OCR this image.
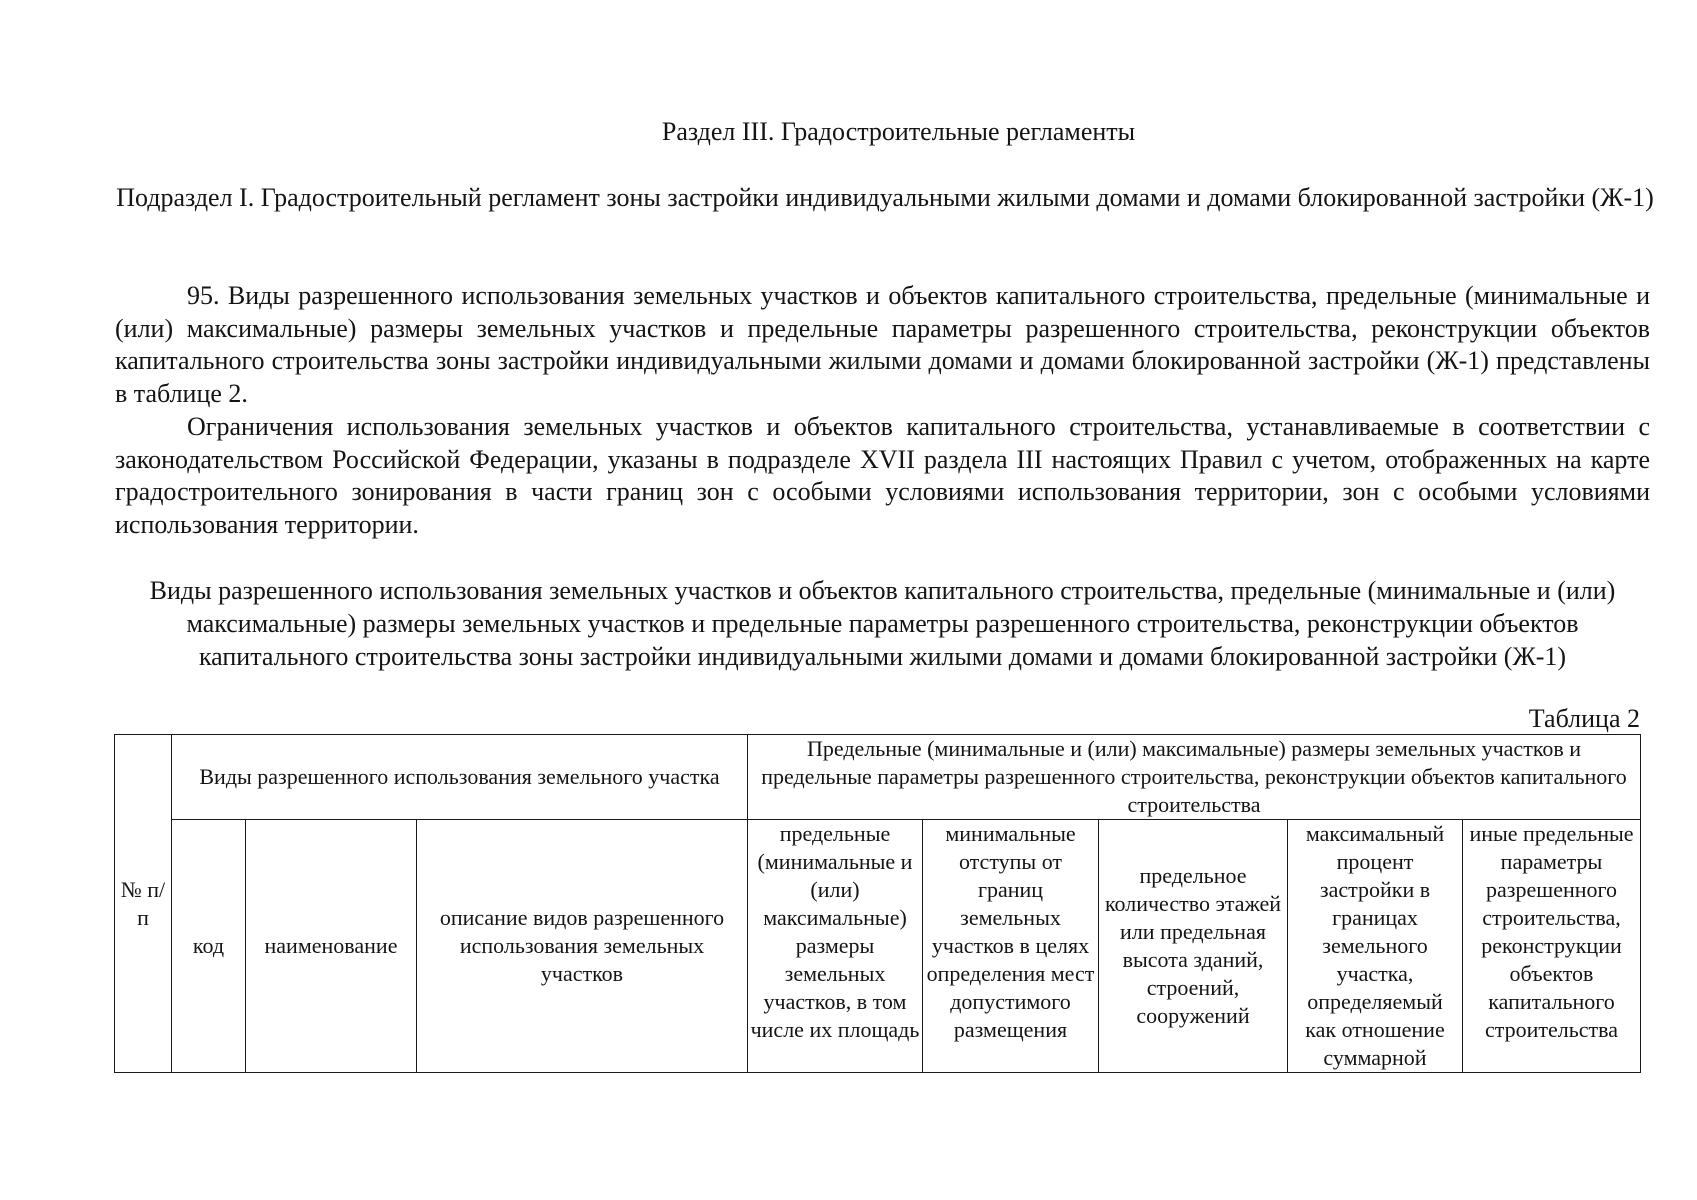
Раздел III. Градостроительные регламенты
Подраздел I. Градостроительный регламент зоны застройки индивидуальными жилыми домами и домами блокированной застройки (Ж-1)

95. Виды разрешенного использования земельных участков и объектов капитального строительства, предельные (минимальные и (или) максимальные) размеры земельных участков и предельные параметры разрешенного строительства, реконструкции объектов капитального строительства зоны застройки индивидуальными жилыми домами и домами блокированной застройки (Ж-1) представлены в таблице 2.

Ограничения использования земельных участков и объектов капитального строительства, устанавливаемые в соответствии с законодательством Российской Федерации, указаны в подразделе XVII раздела III настоящих Правил с учетом, отображенных на карте градостроительного зонирования в части границ зон с особыми условиями использования территории, зон с особыми условиями использования территории.

Виды разрешенного использования земельных участков и объектов капитального строительства, предельные (минимальные и (или) максимальные) размеры земельных участков и предельные параметры разрешенного строительства, реконструкции объектов капитального строительства зоны застройки индивидуальными жилыми домами и домами блокированной застройки (Ж-1)
Таблица 2
№ п/п	Виды разрешенного использования земельного участка			Предельные (минимальные и (или) максимальные) размеры земельных участков и предельные параметры разрешенного строительства, реконструкции объектов капитального строительства				
	код	наименование	описание видов разрешенного использования земельных участков	предельные (минимальные и (или) максимальные) размеры земельных участков, в том числе их площадь	минимальные отступы от границ земельных участков в целях определения мест допустимого размещения	предельное количество этажей или предельная высота зданий, строений, сооружений	максимальный процент застройки в границах земельного участка, определяемый как отношение суммарной	иные предельные параметры разрешенного строительства, реконструкции объектов капитального строительства
